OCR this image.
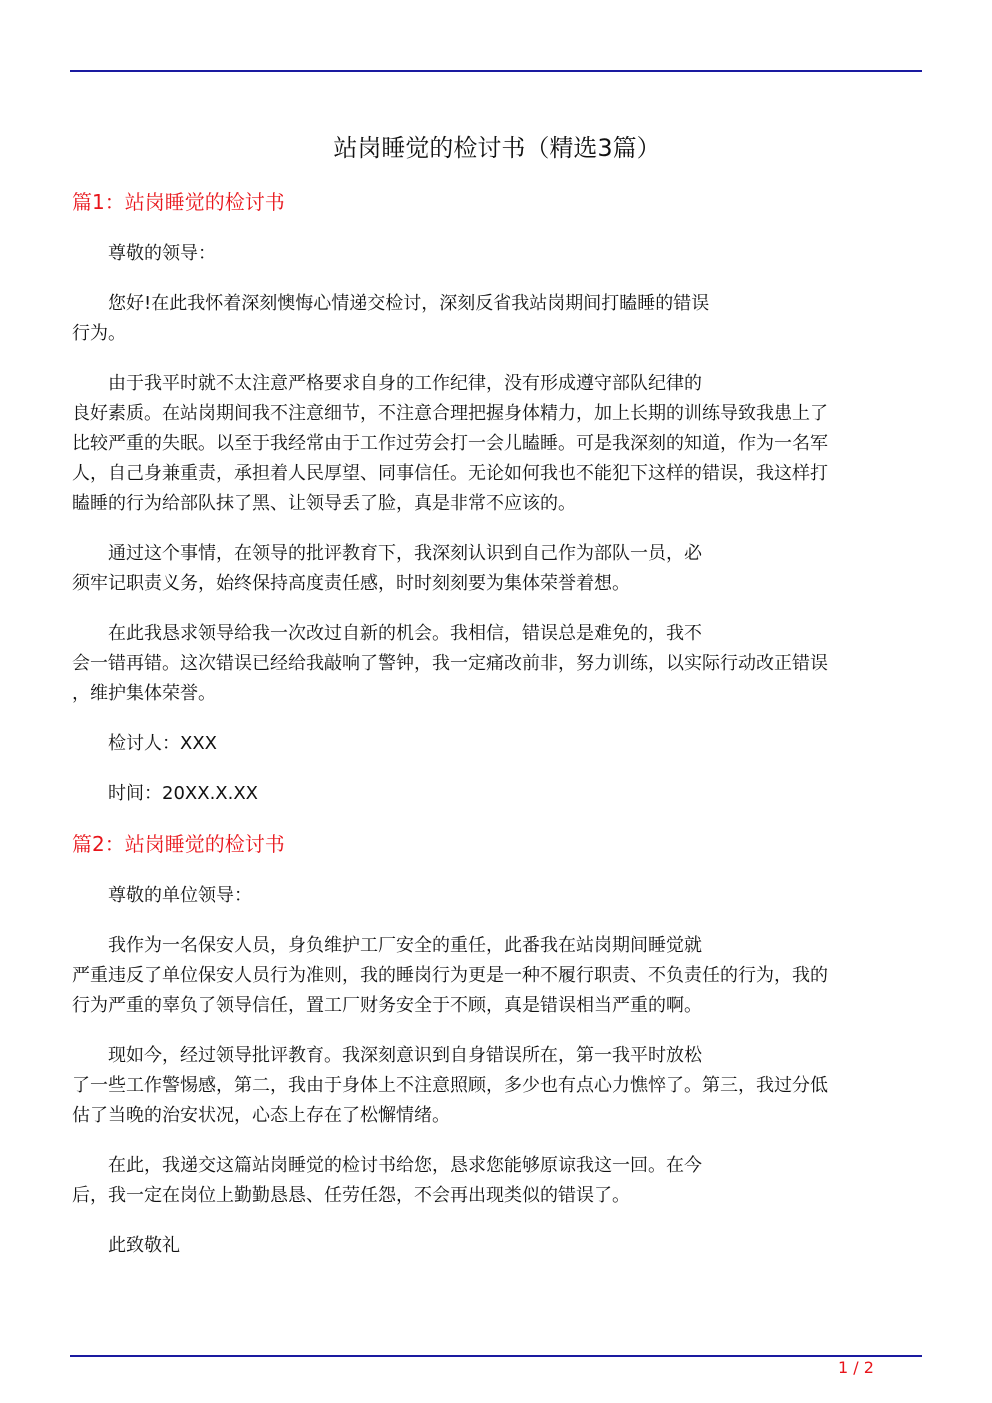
站岗睡觉的检讨书（精选3篇）
篇1：站岗睡觉的检讨书
尊敬的领导：
您好!在此我怀着深刻懊悔心情递交检讨，深刻反省我站岗期间打瞌睡的错误
行为。
由于我平时就不太注意严格要求自身的工作纪律，没有形成遵守部队纪律的
良好素质。在站岗期间我不注意细节，不注意合理把握身体精力，加上长期的训练导致我患上了
比较严重的失眠。以至于我经常由于工作过劳会打一会儿瞌睡。可是我深刻的知道，作为一名军
人，自己身兼重责，承担着人民厚望、同事信任。无论如何我也不能犯下这样的错误，我这样打
瞌睡的行为给部队抹了黑、让领导丢了脸，真是非常不应该的。
通过这个事情，在领导的批评教育下，我深刻认识到自己作为部队一员，必
须牢记职责义务，始终保持高度责任感，时时刻刻要为集体荣誉着想。
在此我恳求领导给我一次改过自新的机会。我相信，错误总是难免的，我不
会一错再错。这次错误已经给我敲响了警钟，我一定痛改前非，努力训练，以实际行动改正错误
，维护集体荣誉。
检讨人：XXX
时间：20XX.X.XX
篇2：站岗睡觉的检讨书
尊敬的单位领导：
我作为一名保安人员，身负维护工厂安全的重任，此番我在站岗期间睡觉就
严重违反了单位保安人员行为准则，我的睡岗行为更是一种不履行职责、不负责任的行为，我的
行为严重的辜负了领导信任，置工厂财务安全于不顾，真是错误相当严重的啊。
现如今，经过领导批评教育。我深刻意识到自身错误所在，第一我平时放松
了一些工作警惕感，第二，我由于身体上不注意照顾，多少也有点心力憔悴了。第三，我过分低
估了当晚的治安状况，心态上存在了松懈情绪。
在此，我递交这篇站岗睡觉的检讨书给您，恳求您能够原谅我这一回。在今
后，我一定在岗位上勤勤恳恳、任劳任怨，不会再出现类似的错误了。
此致敬礼
1 / 2
